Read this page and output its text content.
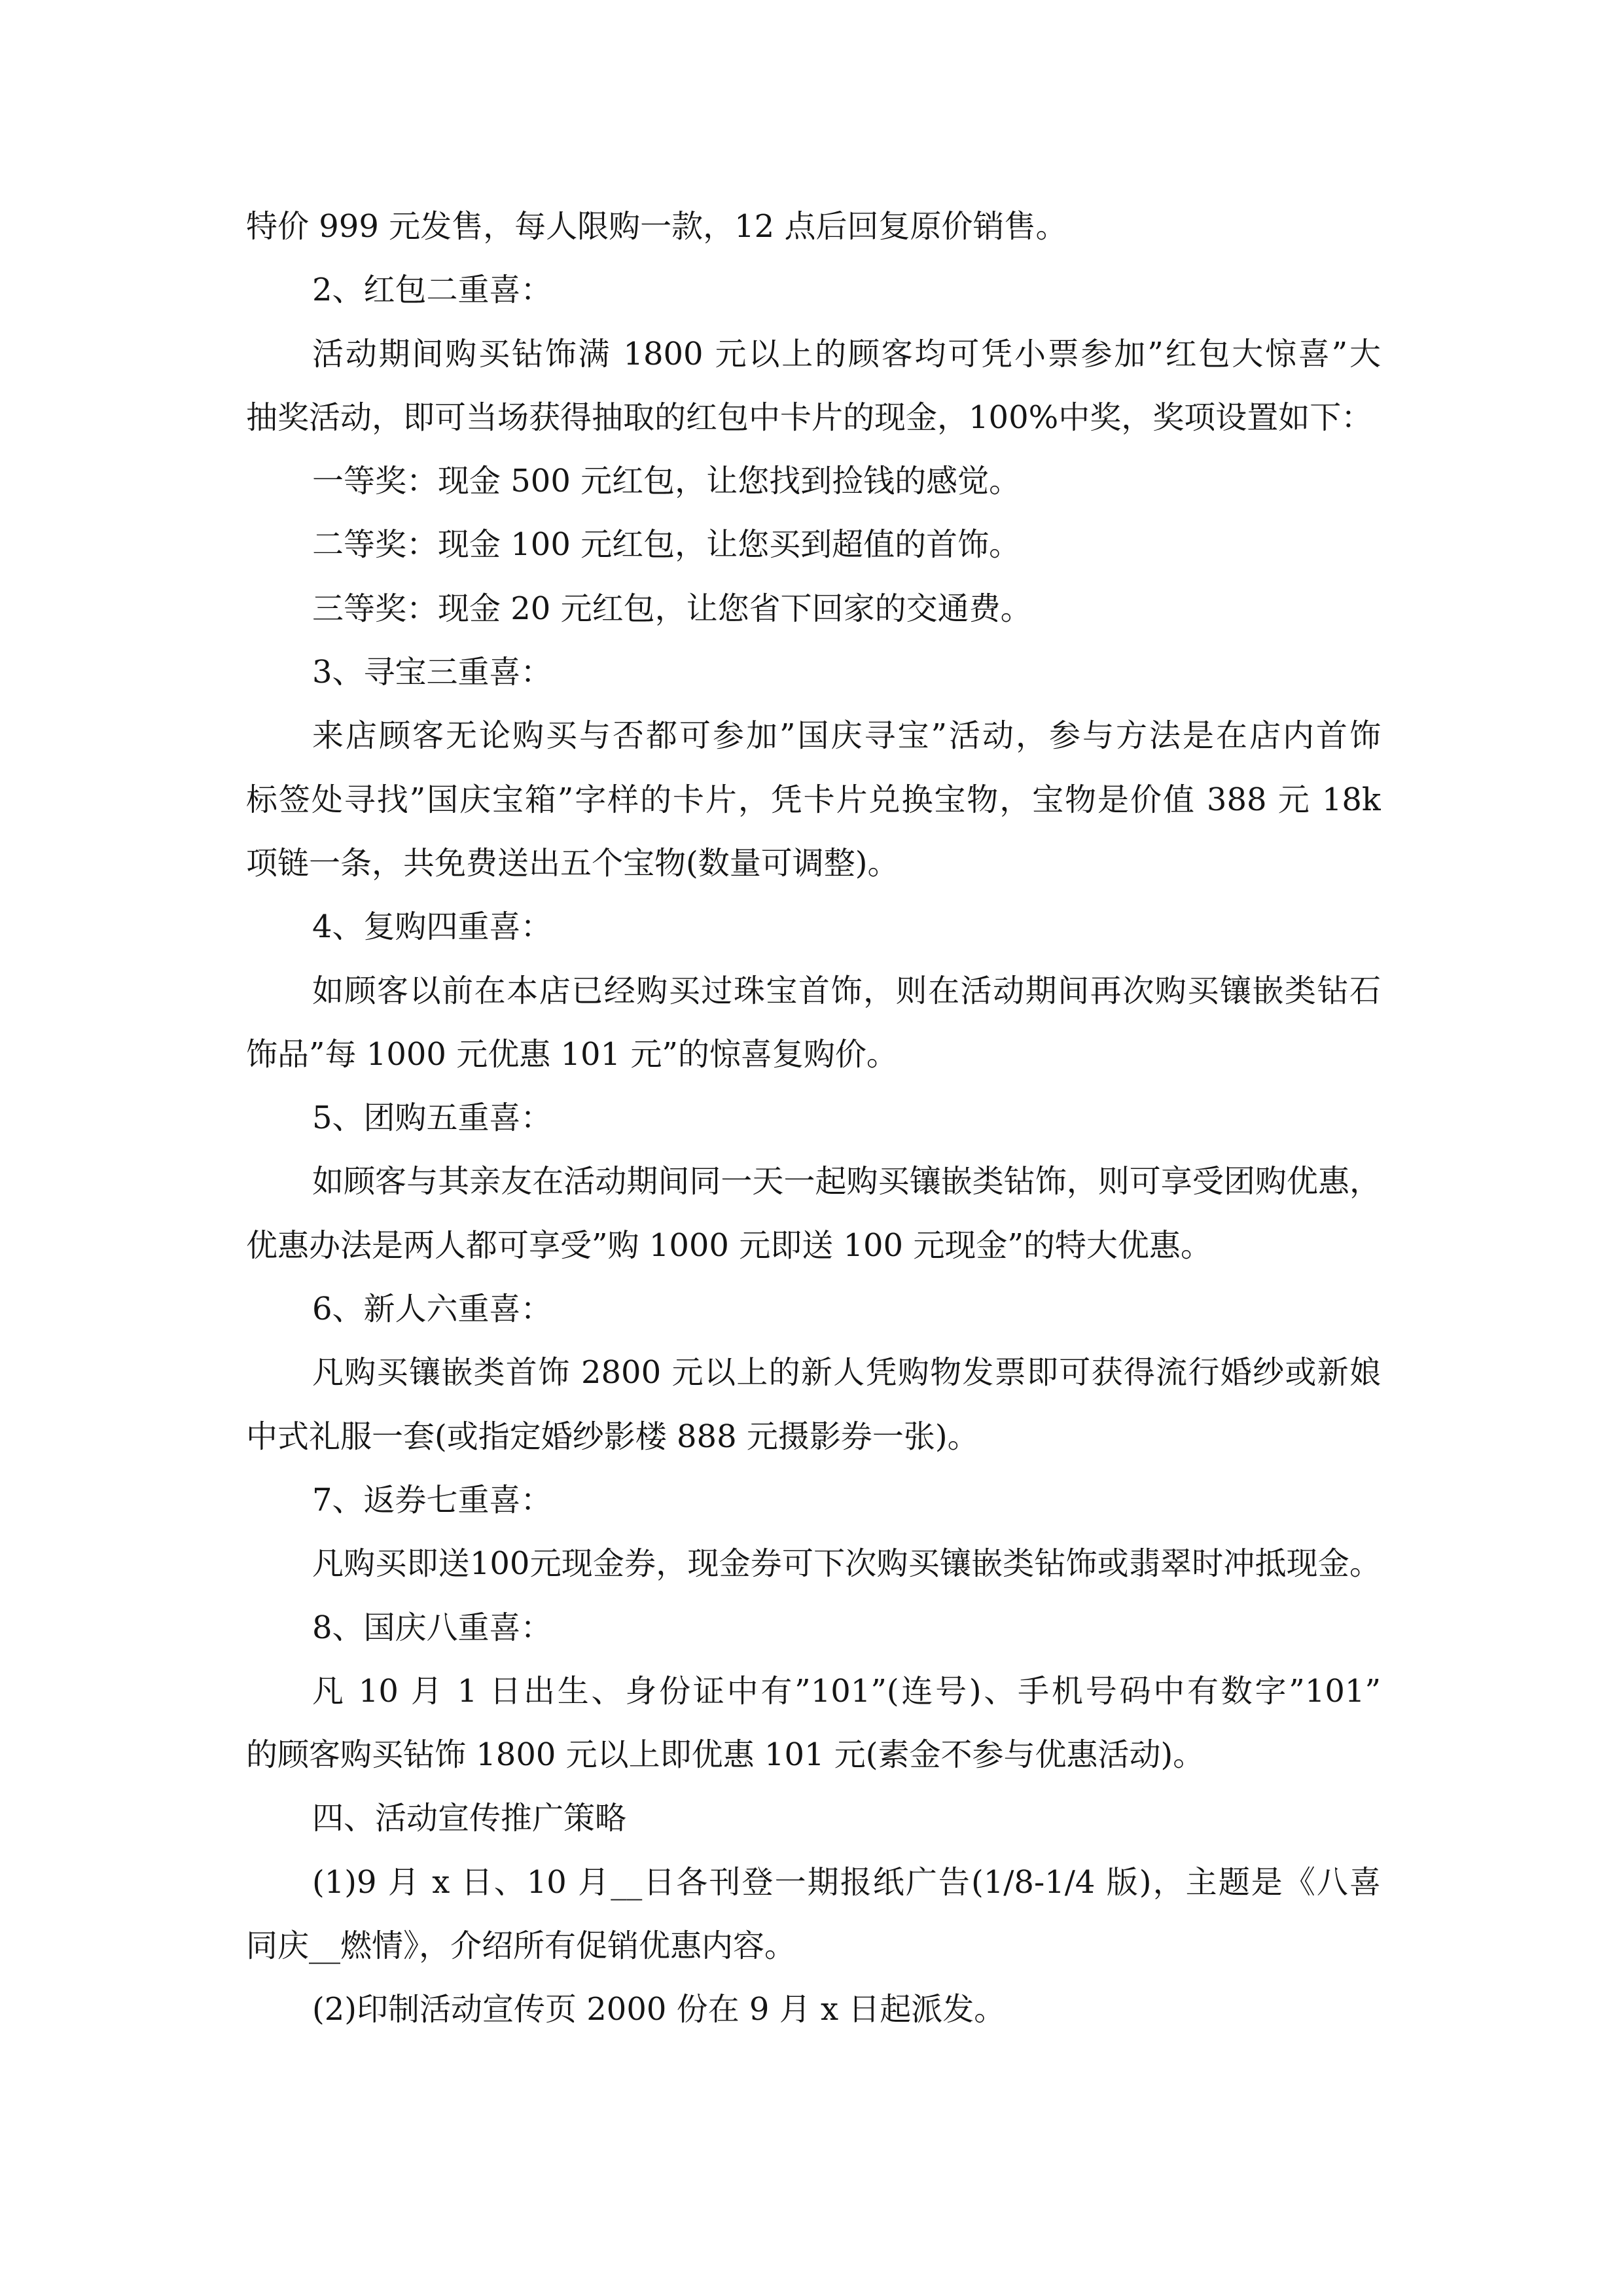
特价 999 元发售，每人限购一款，12 点后回复原价销售。
2、红包二重喜：
活动期间购买钻饰满 1800 元以上的顾客均可凭小票参加”红包大惊喜”大
抽奖活动，即可当场获得抽取的红包中卡片的现金，100%中奖，奖项设置如下：
一等奖：现金 500 元红包，让您找到捡钱的感觉。
二等奖：现金 100 元红包，让您买到超值的首饰。
三等奖：现金 20 元红包，让您省下回家的交通费。
3、寻宝三重喜：
来店顾客无论购买与否都可参加”国庆寻宝”活动，参与方法是在店内首饰
标签处寻找”国庆宝箱”字样的卡片，凭卡片兑换宝物，宝物是价值 388 元 18k
项链一条，共免费送出五个宝物(数量可调整)。
4、复购四重喜：
如顾客以前在本店已经购买过珠宝首饰，则在活动期间再次购买镶嵌类钻石
饰品”每 1000 元优惠 101 元”的惊喜复购价。
5、团购五重喜：
如顾客与其亲友在活动期间同一天一起购买镶嵌类钻饰，则可享受团购优惠，
优惠办法是两人都可享受”购 1000 元即送 100 元现金”的特大优惠。
6、新人六重喜：
凡购买镶嵌类首饰 2800 元以上的新人凭购物发票即可获得流行婚纱或新娘
中式礼服一套(或指定婚纱影楼 888 元摄影券一张)。
7、返券七重喜：
凡购买即送100元现金券，现金券可下次购买镶嵌类钻饰或翡翠时冲抵现金。
8、国庆八重喜：
凡 10 月 1 日出生、身份证中有”101”(连号)、手机号码中有数字”101”
的顾客购买钻饰 1800 元以上即优惠 101 元(素金不参与优惠活动)。
四、活动宣传推广策略
(1)9 月 x 日、10 月__日各刊登一期报纸广告(1/8-1/4 版)，主题是《八喜
同庆__燃情》，介绍所有促销优惠内容。
(2)印制活动宣传页 2000 份在 9 月 x 日起派发。
